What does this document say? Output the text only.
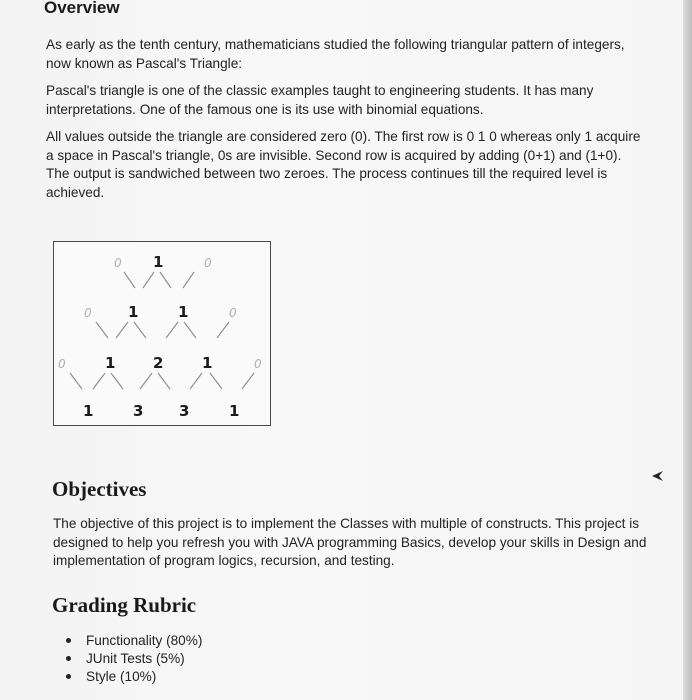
Overview

As early as the tenth century, mathematicians studied the following triangular pattern of integers, now known as Pascal's Triangle:

Pascal's triangle is one of the classic examples taught to engineering students. It has many interpretations. One of the famous one is its use with binomial equations.

All values outside the triangle are considered zero (0). The first row is 0 1 0 whereas only 1 acquire a space in Pascal's triangle, 0s are invisible. Second row is acquired by adding (0+1) and (1+0). The output is sandwiched between two zeroes. The process continues till the required level is achieved.

0 1	0
0 1	1	0
0	1	2	1	0
1	3 3	1
Objectives

The objective of this project is to implement the Classes with multiple of constructs. This project is designed to help you refresh you with JAVA programming Basics, develop your skills in Design and implementation of program logics, recursion, and testing.

Grading Rubric
Functionality (80%)
JUnit Tests (5%)
Style (10%)
